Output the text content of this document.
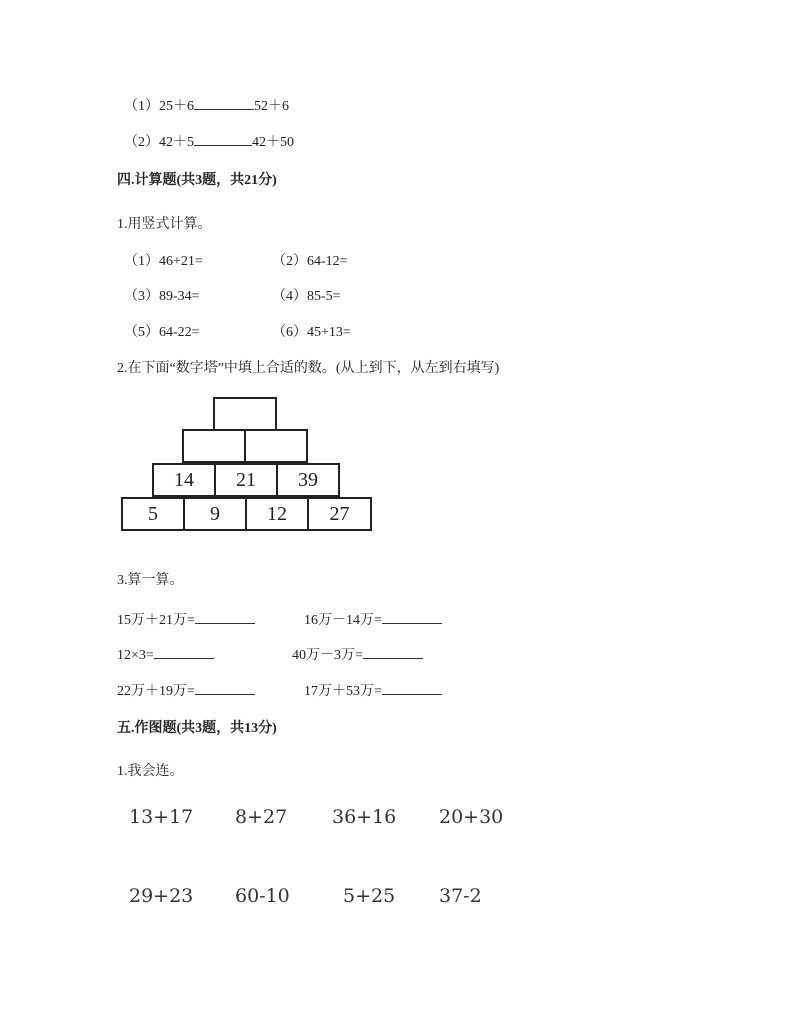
（1）25＋6	52＋6
（2）42＋5	42＋50
四.计算题(共3题，共21分)
1.用竖式计算。
（1）46+21=	（2）64-12=
（3）89-34=	（4）85-5=
（5）64-22=	（6）45+13=
2.在下面“数字塔”中填上合适的数。(从上到下，从左到右填写)
14	21	39
5	9	12	27
3.算一算。
15万＋21万=	16万－14万=
12×3=	40万－3万=
22万＋19万=	17万＋53万=
五.作图题(共3题，共13分)
1.我会连。
13+17 8+27 36+16 20+30
29+23 60-10	5+25 37-2
